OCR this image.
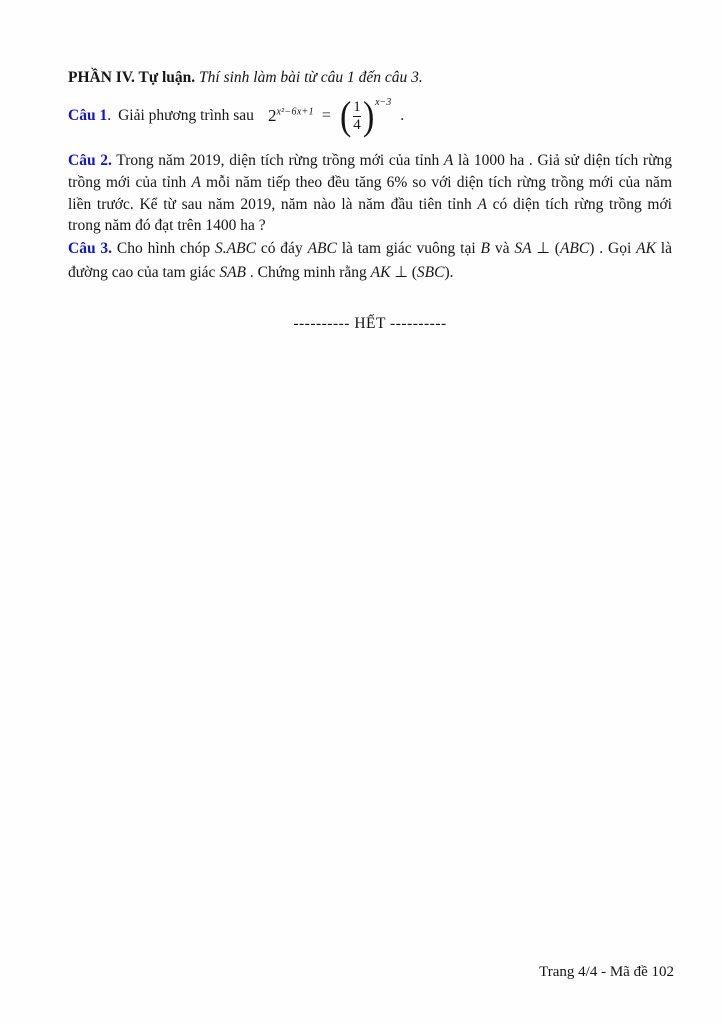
PHẦN IV. Tự luận. Thí sinh làm bài từ câu 1 đến câu 3.

Câu 1 . Giải phương trình sau $2^{x^2-6x+1}$ = ( $\frac{1}{4} )^{x-3}$
.

Câu 2. Trong năm 2019, diện tích rừng trồng mới của tỉnh A là 1000 ha . Giả sử diện tích rừng trồng mới của tỉnh A mỗi năm tiếp theo đều tăng 6% so với diện tích rừng trồng mới của năm liền trước. Kể từ sau năm 2019, năm nào là năm đầu tiên tỉnh A có diện tích rừng trồng mới trong năm đó đạt trên 1400 ha ?

Câu 3. Cho hình chóp S.ABC có đáy ABC là tam giác vuông tại B và SA ⊥ (ABC) . Gọi AK là đường cao của tam giác SAB . Chứng minh rằng AK ⊥ (SBC).

---------- HẾT ----------
Trang 4/4 - Mã đề 102
